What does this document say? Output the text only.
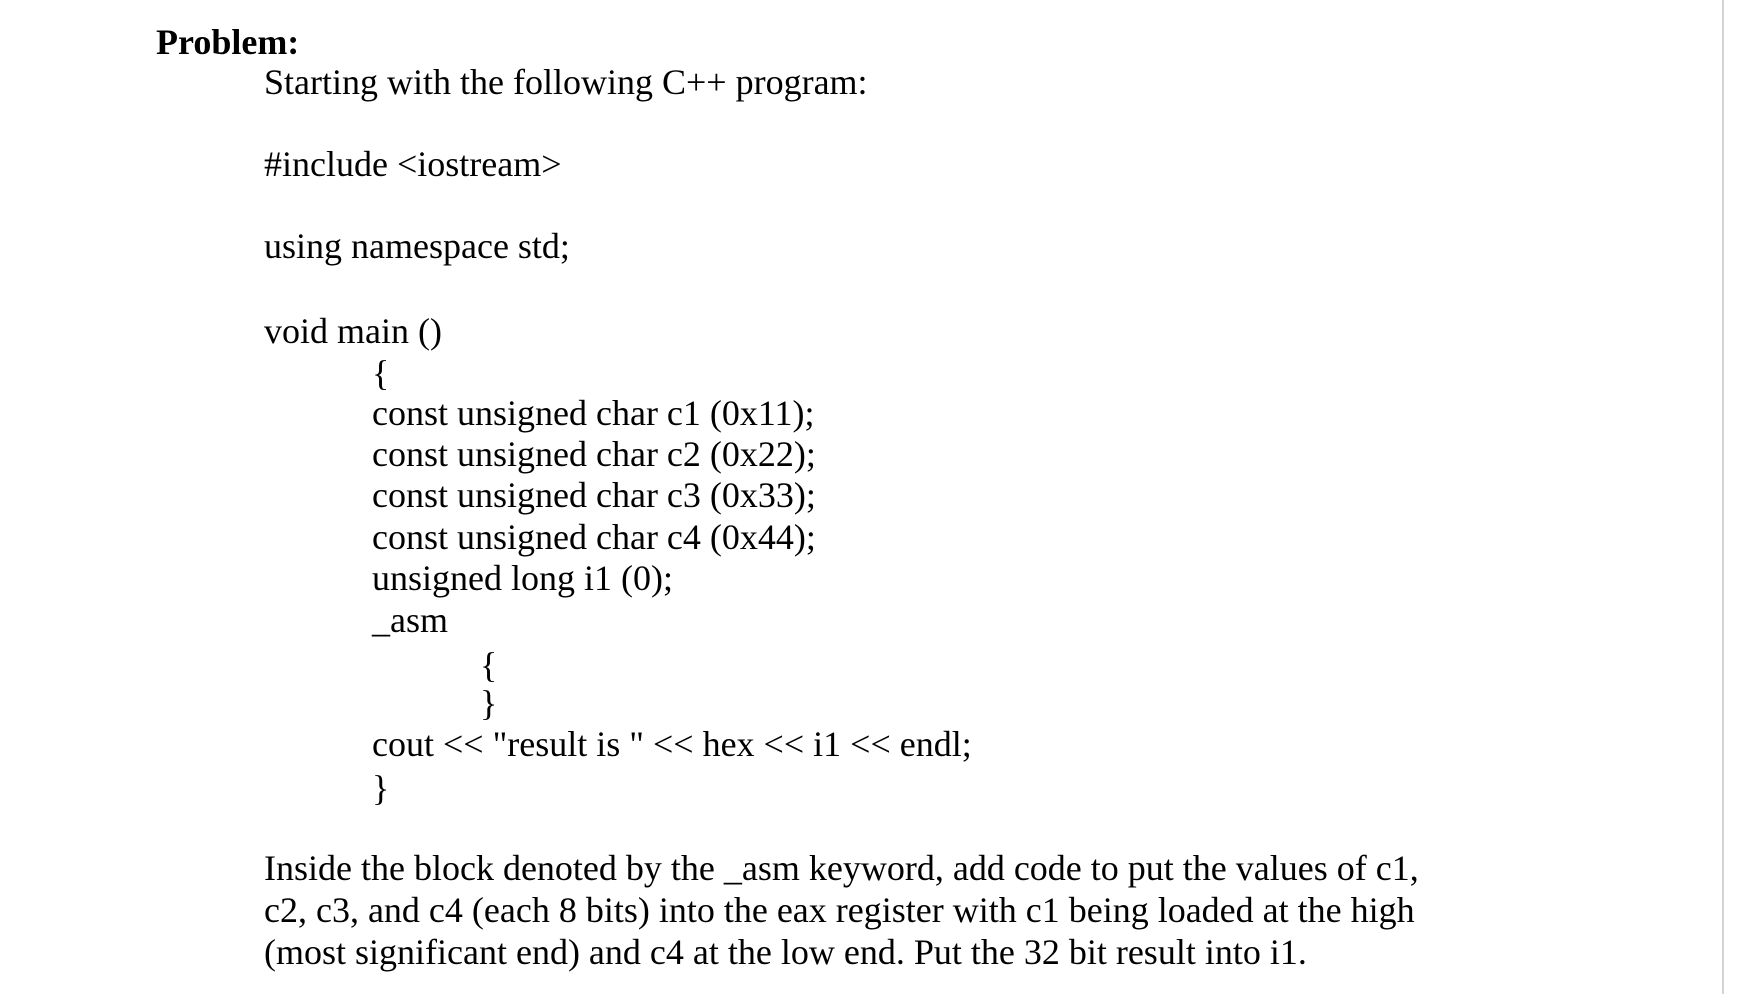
Problem:
Starting with the following C++ program:
#include <iostream>
using namespace std;
void main ()
{
const unsigned char c1 (0x11);
const unsigned char c2 (0x22);
const unsigned char c3 (0x33);
const unsigned char c4 (0x44);
unsigned long i1 (0);
_asm
{
}
cout << "result is " << hex << i1 << endl;
}
Inside the block denoted by the _asm keyword, add code to put the values of c1,
c2, c3, and c4 (each 8 bits) into the eax register with c1 being loaded at the high
(most significant end) and c4 at the low end. Put the 32 bit result into i1.
